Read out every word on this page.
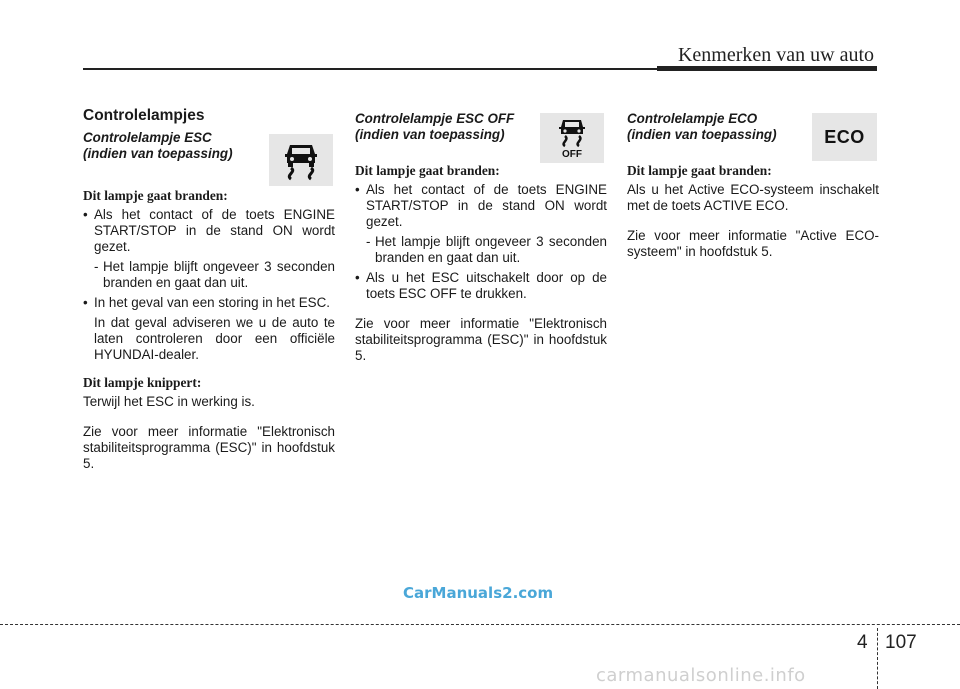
Kenmerken van uw auto
Controlelampjes
Controlelampje ESC
(indien van toepassing)
Dit lampje gaat branden:
• Als het contact of de toets ENGINE START/STOP in de stand ON wordt gezet.
- Het lampje blijft ongeveer 3 seconden branden en gaat dan uit.
• In het geval van een storing in het ESC.
In dat geval adviseren we u de auto te laten controleren door een officiële HYUNDAI-dealer.
Dit lampje knippert:
Terwijl het ESC in werking is.
Zie voor meer informatie "Elektronisch stabiliteitsprogramma (ESC)" in hoofdstuk 5.
Controlelampje ESC OFF
(indien van toepassing)
Dit lampje gaat branden:
• Als het contact of de toets ENGINE START/STOP in de stand ON wordt gezet.
- Het lampje blijft ongeveer 3 seconden branden en gaat dan uit.
• Als u het ESC uitschakelt door op de toets ESC OFF te drukken.
Zie voor meer informatie "Elektronisch stabiliteitsprogramma (ESC)" in hoofdstuk 5.
Controlelampje ECO
(indien van toepassing)
Dit lampje gaat branden:
Als u het Active ECO-systeem inschakelt met de toets ACTIVE ECO.
Zie voor meer informatie "Active ECO-systeem" in hoofdstuk 5.
OFF
ECO
CarManuals2.com
4 107
carmanualsonline.info
